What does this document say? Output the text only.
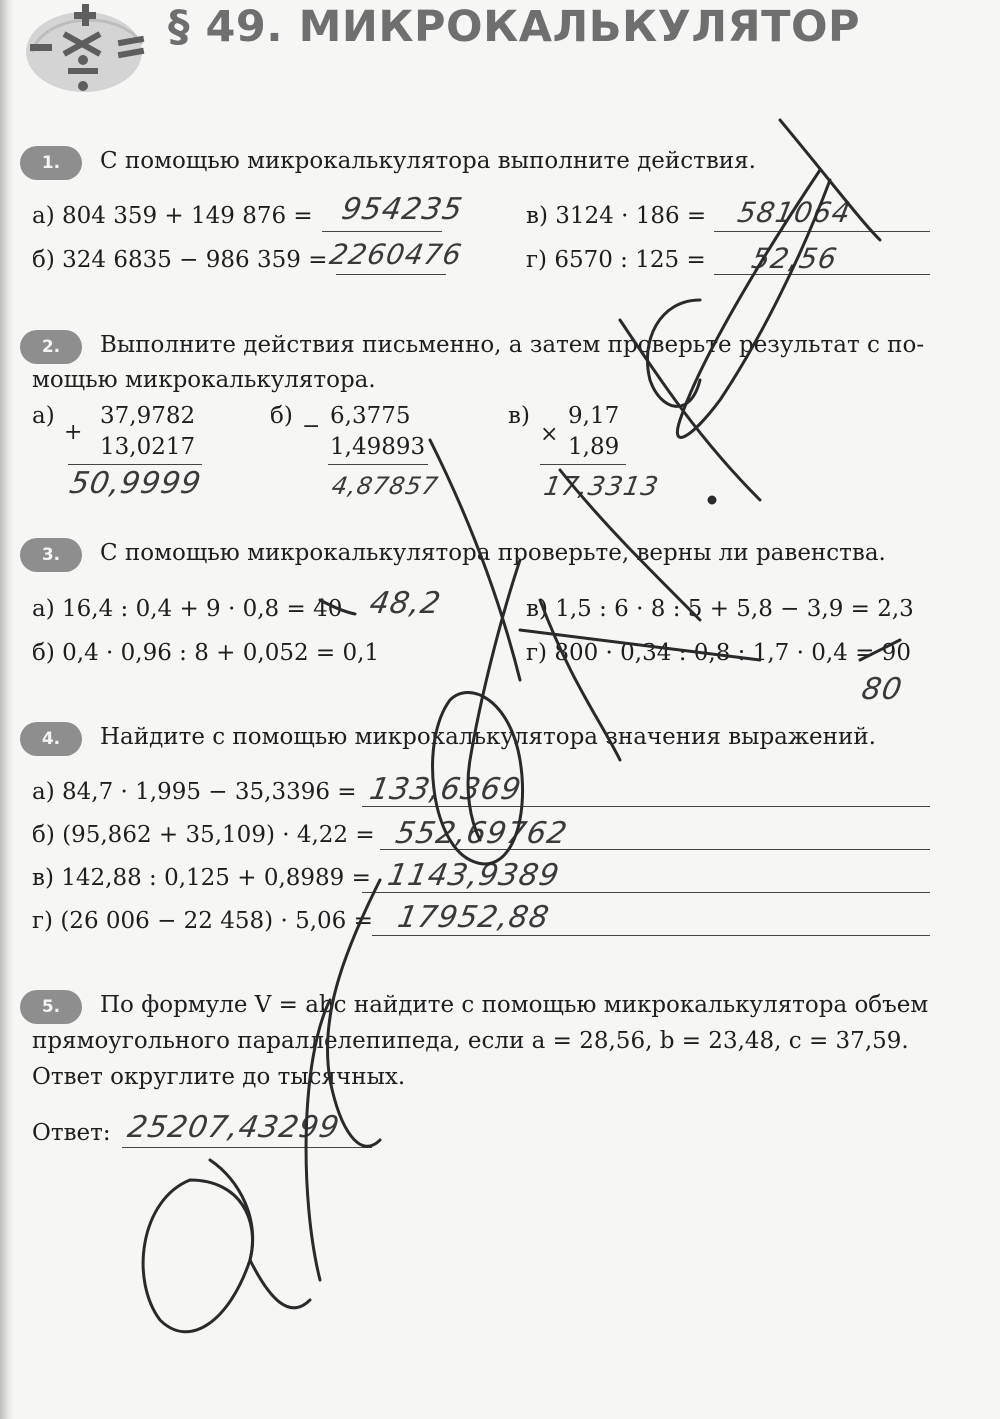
§ 49. МИКРОКАЛЬКУЛЯТОР
1.	С помощью микрокалькулятора выполните действия.
а) 804 359 + 149 876 = 954235
б) 324 6835 − 986 359 = 2260476
в) 3124 · 186 = 581064
г) 6570 : 125 = 52,56
2.	Выполните действия письменно, а затем проверьте результат с по-
мощью микрокалькулятора.
а)
+
37,9782
13,0217
50,9999
б) − 6,3775
1,49893
4,87857
в)
×
9,17
1,89
17,3313
3.	С помощью микрокалькулятора проверьте, верны ли равенства.
а) 16,4 : 0,4 + 9 · 0,8 = 40 48,2
б) 0,4 · 0,96 : 8 + 0,052 = 0,1
в) 1,5 : 6 · 8 : 5 + 5,8 − 3,9 = 2,3
г) 800 · 0,34 : 0,8 : 1,7 · 0,4 = 90
80
4.	Найдите с помощью микрокалькулятора значения выражений.
а) 84,7 · 1,995 − 35,3396 = 133,6369
б) (95,862 + 35,109) · 4,22 = 552,69762
в) 142,88 : 0,125 + 0,8989 = 1143,9389
г) (26 006 − 22 458) · 5,06 = 17952,88
5.	По формуле V = abc найдите с помощью микрокалькулятора объем
прямоугольного параллелепипеда, если a = 28,56, b = 23,48, c = 37,59.
Ответ округлите до тысячных.
Ответ: 25207,43299
